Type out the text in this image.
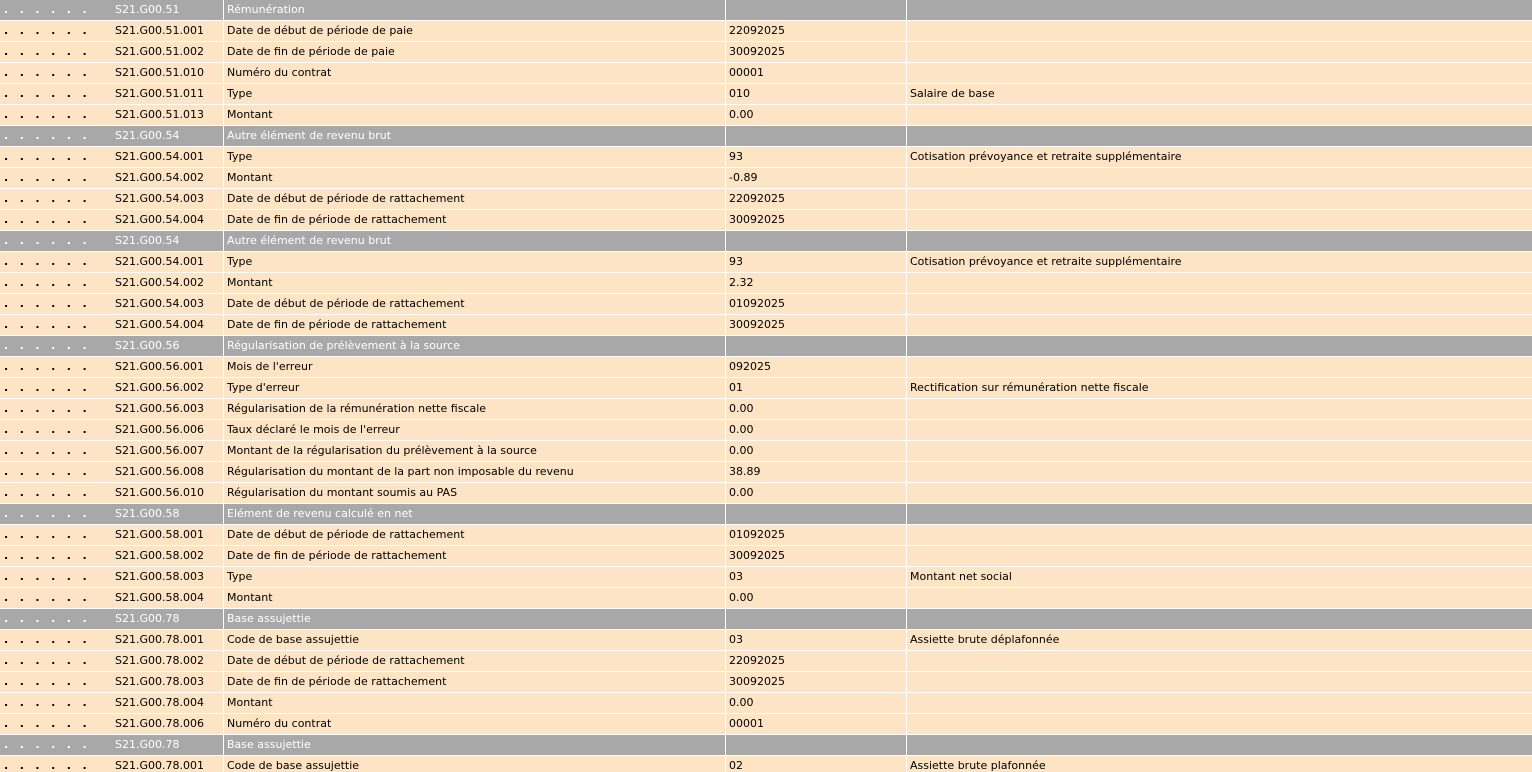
. . . . . .	S21.G00.51	Rémunération
. . . . . .	S21.G00.51.001	Date de début de période de paie	22092025
. . . . . .	S21.G00.51.002	Date de fin de période de paie	30092025
. . . . . .	S21.G00.51.010	Numéro du contrat	00001
. . . . . .	S21.G00.51.011	Type	010	Salaire de base
. . . . . .	S21.G00.51.013	Montant	0.00
. . . . . .	S21.G00.54	Autre élément de revenu brut
. . . . . .	S21.G00.54.001	Type	93	Cotisation prévoyance et retraite supplémentaire
. . . . . .	S21.G00.54.002	Montant	-0.89
. . . . . .	S21.G00.54.003	Date de début de période de rattachement	22092025
. . . . . .	S21.G00.54.004	Date de fin de période de rattachement	30092025
. . . . . .	S21.G00.54	Autre élément de revenu brut
. . . . . .	S21.G00.54.001	Type	93	Cotisation prévoyance et retraite supplémentaire
. . . . . .	S21.G00.54.002	Montant	2.32
. . . . . .	S21.G00.54.003	Date de début de période de rattachement	01092025
. . . . . .	S21.G00.54.004	Date de fin de période de rattachement	30092025
. . . . . .	S21.G00.56	Régularisation de prélèvement à la source
. . . . . .	S21.G00.56.001	Mois de l'erreur	092025
. . . . . .	S21.G00.56.002	Type d'erreur	01	Rectification sur rémunération nette fiscale
. . . . . .	S21.G00.56.003	Régularisation de la rémunération nette fiscale	0.00
. . . . . .	S21.G00.56.006	Taux déclaré le mois de l'erreur	0.00
. . . . . .	S21.G00.56.007	Montant de la régularisation du prélèvement à la source	0.00
. . . . . .	S21.G00.56.008	Régularisation du montant de la part non imposable du revenu	38.89
. . . . . .	S21.G00.56.010	Régularisation du montant soumis au PAS	0.00
. . . . . .	S21.G00.58	Elément de revenu calculé en net
. . . . . .	S21.G00.58.001	Date de début de période de rattachement	01092025
. . . . . .	S21.G00.58.002	Date de fin de période de rattachement	30092025
. . . . . .	S21.G00.58.003	Type	03	Montant net social
. . . . . .	S21.G00.58.004	Montant	0.00
. . . . . .	S21.G00.78	Base assujettie
. . . . . .	S21.G00.78.001	Code de base assujettie	03	Assiette brute déplafonnée
. . . . . .	S21.G00.78.002	Date de début de période de rattachement	22092025
. . . . . .	S21.G00.78.003	Date de fin de période de rattachement	30092025
. . . . . .	S21.G00.78.004	Montant	0.00
. . . . . .	S21.G00.78.006	Numéro du contrat	00001
. . . . . .	S21.G00.78	Base assujettie
. . . . . .	S21.G00.78.001	Code de base assujettie	02	Assiette brute plafonnée
